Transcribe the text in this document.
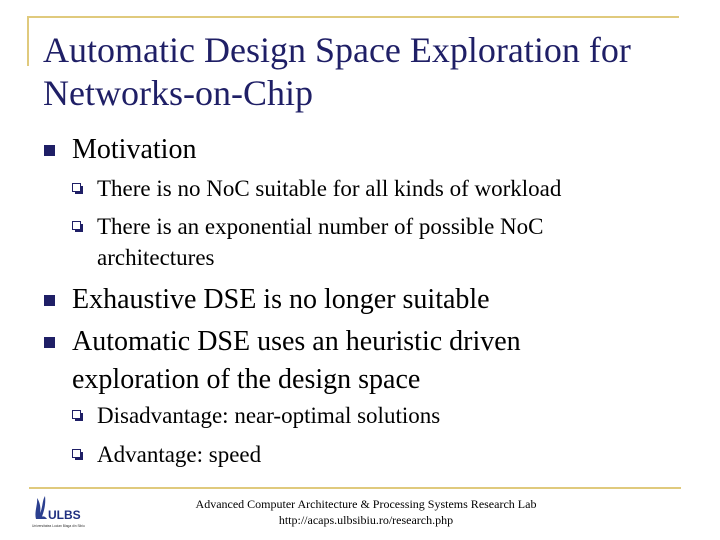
Automatic Design Space Exploration for
Networks-on-Chip
Motivation
There is no NoC suitable for all kinds of workload
There is an exponential number of possible NoC
architectures
Exhaustive DSE is no longer suitable
Automatic DSE uses an heuristic driven
exploration of the design space
Disadvantage: near-optimal solutions
Advantage: speed
ULBS
Universitatea Lucian Blaga din Sibiu
Advanced Computer Architecture & Processing Systems Research Lab
http://acaps.ulbsibiu.ro/research.php
